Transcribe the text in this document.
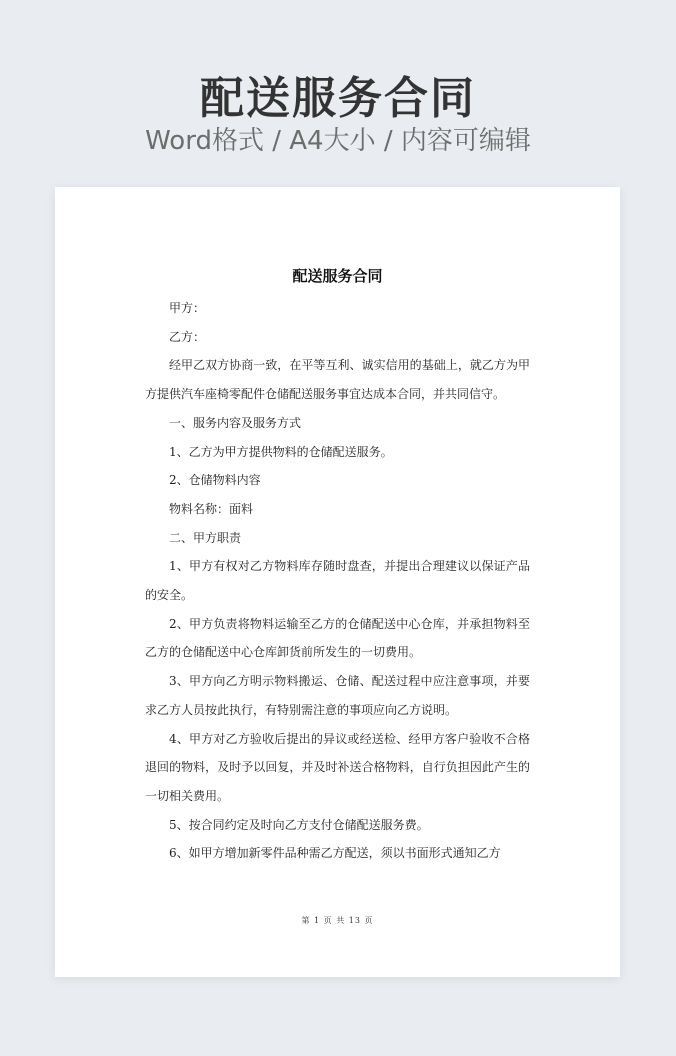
配送服务合同
Word格式 / A4大小 / 内容可编辑
配送服务合同

甲方：

乙方：

经甲乙双方协商一致，在平等互利、诚实信用的基础上，就乙方为甲方提供汽车座椅零配件仓储配送服务事宜达成本合同，并共同信守。

一、服务内容及服务方式

1、乙方为甲方提供物料的仓储配送服务。

2、仓储物料内容

物料名称：面料

二、甲方职责

1、甲方有权对乙方物料库存随时盘查，并提出合理建议以保证产品的安全。

2、甲方负责将物料运输至乙方的仓储配送中心仓库，并承担物料至乙方的仓储配送中心仓库卸货前所发生的一切费用。

3、甲方向乙方明示物料搬运、仓储、配送过程中应注意事项，并要求乙方人员按此执行，有特别需注意的事项应向乙方说明。

4、甲方对乙方验收后提出的异议或经送检、经甲方客户验收不合格退回的物料，及时予以回复，并及时补送合格物料，自行负担因此产生的一切相关费用。

5、按合同约定及时向乙方支付仓储配送服务费。

6、如甲方增加新零件品种需乙方配送，须以书面形式通知乙方

第 1 页 共 13 页
